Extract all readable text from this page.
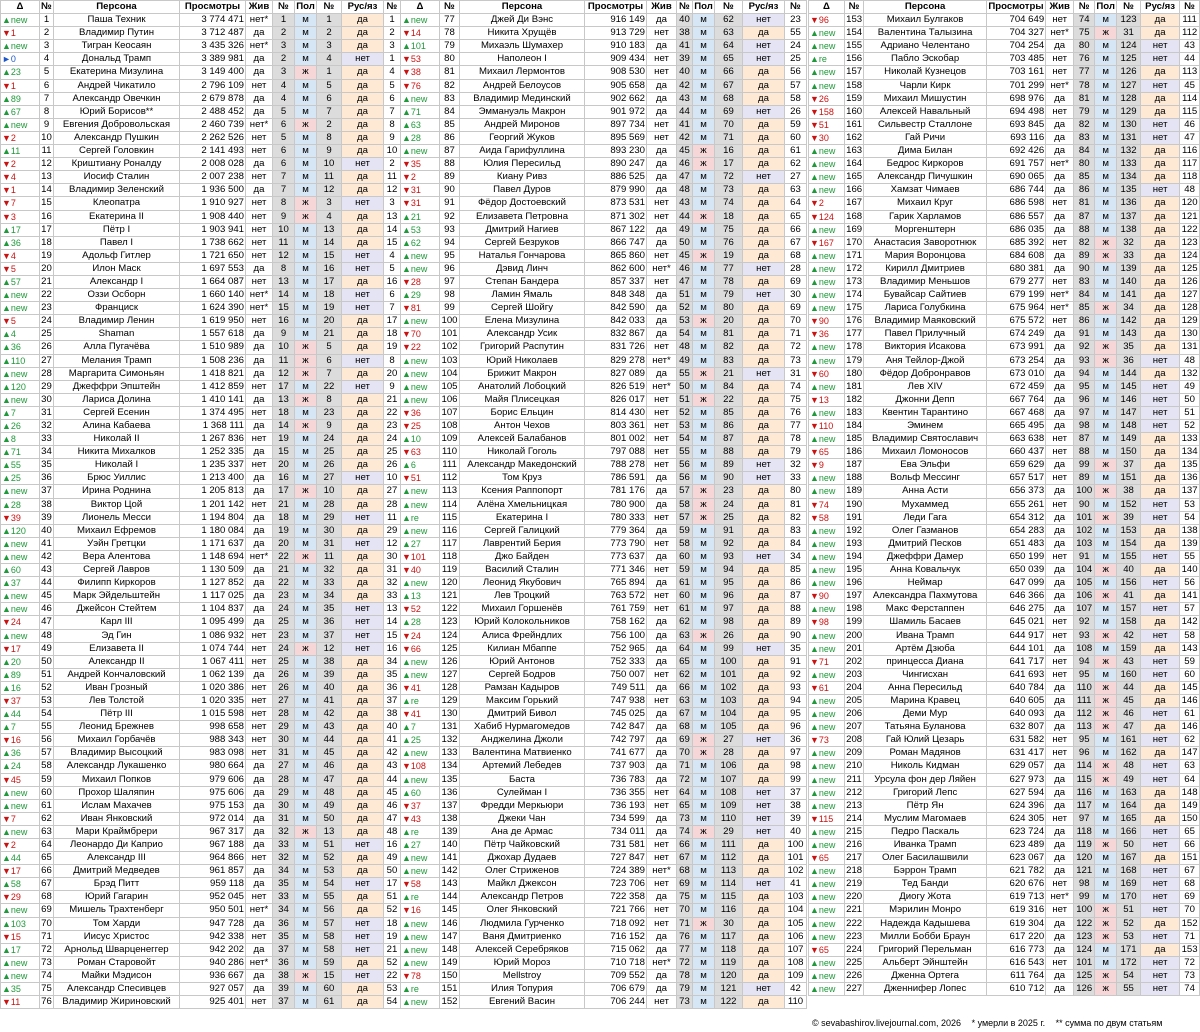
Δ	№	Персона	Просмотры	Жив	№	Пол	№	Рус/яз	№
▲new	1	Паша Техник	3 774 471	нет*	1	м	1	да	1
▼1	2	Владимир Путин	3 712 487	да	2	м	2	да	2
▲new	3	Тигран Кеосаян	3 435 326	нет*	3	м	3	да	3
►0	4	Дональд Трамп	3 389 981	да	2	м	4	нет	1
▲23	5	Екатерина Мизулина	3 149 400	да	3	ж	1	да	4
▼1	6	Андрей Чикатило	2 796 109	нет	4	м	5	да	5
▲89	7	Александр Овечкин	2 679 878	да	4	м	6	да	6
▲67	8	Юрий Борисов**	2 488 452	да	5	м	7	да	7
▲new	9	Евгения Добровольская	2 460 739	нет*	6	ж	2	да	8
▼2	10	Александр Пушкин	2 262 526	нет	5	м	8	да	9
▲11	11	Сергей Головкин	2 141 493	нет	6	м	9	да	10
▼2	12	Криштиану Роналду	2 008 028	да	6	м	10	нет	2
▼4	13	Иосиф Сталин	2 007 238	нет	7	м	11	да	11
▼1	14	Владимир Зеленский	1 936 500	да	7	м	12	да	12
▼7	15	Клеопатра	1 910 927	нет	8	ж	3	нет	3
▼3	16	Екатерина II	1 908 440	нет	9	ж	4	да	13
▲17	17	Пётр I	1 903 941	нет	10	м	13	да	14
▲36	18	Павел I	1 738 662	нет	11	м	14	да	15
▼4	19	Адольф Гитлер	1 721 650	нет	12	м	15	нет	4
▼5	20	Илон Маск	1 697 553	да	8	м	16	нет	5
▲57	21	Александр I	1 664 087	нет	13	м	17	да	16
▲new	22	Оззи Осборн	1 660 140	нет*	14	м	18	нет	6
▲new	23	Франциск	1 624 390	нет*	15	м	19	нет	7
▼5	24	Владимир Ленин	1 619 950	нет	16	м	20	да	17
▲4	25	Shaman	1 557 618	да	9	м	21	да	18
▲36	26	Алла Пугачёва	1 510 989	да	10	ж	5	да	19
▲110	27	Мелания Трамп	1 508 236	да	11	ж	6	нет	8
▲new	28	Маргарита Симоньян	1 418 821	да	12	ж	7	да	20
▲120	29	Джеффри Эпштейн	1 412 859	нет	17	м	22	нет	9
▲new	30	Лариса Долина	1 410 141	да	13	ж	8	да	21
▲7	31	Сергей Есенин	1 374 495	нет	18	м	23	да	22
▲26	32	Алина Кабаева	1 368 111	да	14	ж	9	да	23
▲8	33	Николай II	1 267 836	нет	19	м	24	да	24
▲71	34	Никита Михалков	1 252 335	да	15	м	25	да	25
▲55	35	Николай I	1 235 337	нет	20	м	26	да	26
▲25	36	Брюс Уиллис	1 213 400	да	16	м	27	нет	10
▲new	37	Ирина Роднина	1 205 813	да	17	ж	10	да	27
▲28	38	Виктор Цой	1 201 142	нет	21	м	28	да	28
▼39	39	Лионель Месси	1 194 804	да	18	м	29	нет	11
▲120	40	Михаил Ефремов	1 180 084	да	19	м	30	да	29
▲new	41	Уэйн Гретцки	1 171 637	да	20	м	31	нет	12
▲new	42	Вера Алентова	1 148 694	нет*	22	ж	11	да	30
▲60	43	Сергей Лавров	1 130 509	да	21	м	32	да	31
▲37	44	Филипп Киркоров	1 127 852	да	22	м	33	да	32
▲new	45	Марк Эйдельштейн	1 117 025	да	23	м	34	да	33
▲new	46	Джейсон Стейтем	1 104 837	да	24	м	35	нет	13
▼24	47	Карл III	1 095 499	да	25	м	36	нет	14
▲new	48	Эд Гин	1 086 932	нет	23	м	37	нет	15
▼17	49	Елизавета II	1 074 744	нет	24	ж	12	нет	16
▲20	50	Александр II	1 067 411	нет	25	м	38	да	34
▲89	51	Андрей Кончаловский	1 062 139	да	26	м	39	да	35
▲16	52	Иван Грозный	1 020 386	нет	26	м	40	да	36
▼37	53	Лев Толстой	1 020 335	нет	27	м	41	да	37
▲44	54	Пётр III	1 015 598	нет	28	м	42	да	38
▲7	55	Леонид Брежнев	998 658	нет	29	м	43	да	40
▼16	56	Михаил Горбачёв	988 343	нет	30	м	44	да	41
▲36	57	Владимир Высоцкий	983 098	нет	31	м	45	да	42
▲24	58	Александр Лукашенко	980 664	да	27	м	46	да	43
▼45	59	Михаил Попков	979 606	да	28	м	47	да	44
▲new	60	Прохор Шаляпин	975 606	да	29	м	48	да	45
▲new	61	Ислам Махачев	975 153	да	30	м	49	да	46
▼7	62	Иван Янковский	972 014	да	31	м	50	да	47
▲new	63	Мари Краймбрери	967 317	да	32	ж	13	да	48
▼2	64	Леонардо Ди Каприо	967 188	да	33	м	51	нет	16
▲44	65	Александр III	964 866	нет	32	м	52	да	49
▼17	66	Дмитрий Медведев	961 857	да	34	м	53	да	50
▲58	67	Брэд Питт	959 118	да	35	м	54	нет	17
▼29	68	Юрий Гагарин	952 045	нет	33	м	55	да	51
▲new	69	Мишель Трахтенберг	950 501	нет*	34	м	56	да	52
▲103	70	Том Харди	947 728	да	36	м	57	нет	18
▼15	71	Иисус Христос	942 338	нет	35	м	58	нет	19
▲17	72	Арнольд Шварценеггер	942 202	да	37	м	58	нет	21
▲new	73	Роман Старовойт	940 286	нет*	36	м	59	да	52
▲new	74	Майки Мэдисон	936 667	да	38	ж	15	нет	22
▲35	75	Александр Спесивцев	927 057	да	39	м	60	да	53
▼11	76	Владимир Жириновский	925 401	нет	37	м	61	да	54
Δ	№	Персона	Просмотры	Жив	№	Пол	№	Рус/яз	№
▲new	77	Джей Ди Вэнс	916 149	да	40	м	62	нет	23
▼14	78	Никита Хрущёв	913 729	нет	38	м	63	да	55
▲101	79	Михаэль Шумахер	910 183	да	41	м	64	нет	24
▼53	80	Наполеон I	909 434	нет	39	м	65	нет	25
▼38	81	Михаил Лермонтов	908 530	нет	40	м	66	да	56
▼76	82	Андрей Белоусов	905 658	да	42	м	67	да	57
▲new	83	Владимир Мединский	902 662	да	43	м	68	да	58
▲71	84	Эммануэль Макрон	901 972	да	44	м	69	нет	26
▲63	85	Андрей Миронов	897 734	нет	41	м	70	да	59
▲28	86	Георгий Жуков	895 569	нет	42	м	71	да	60
▲new	87	Аида Гарифуллина	893 230	да	45	ж	16	да	61
▼35	88	Юлия Пересильд	890 247	да	46	ж	17	да	62
▼2	89	Киану Ривз	886 525	да	47	м	72	нет	27
▼31	90	Павел Дуров	879 990	да	48	м	73	да	63
▼31	91	Фёдор Достоевский	873 531	нет	43	м	74	да	64
▲21	92	Елизавета Петровна	871 302	нет	44	ж	18	да	65
▲53	93	Дмитрий Нагиев	867 122	да	49	м	75	да	66
▲62	94	Сергей Безруков	866 747	да	50	м	76	да	67
▲new	95	Наталья Гончарова	865 860	нет	45	ж	19	да	68
▲new	96	Дэвид Линч	862 600	нет*	46	м	77	нет	28
▼28	97	Степан Бандера	857 337	нет	47	м	78	да	69
▲29	98	Ламин Ямаль	848 348	да	51	м	79	нет	30
▼81	99	Сергей Шойгу	842 590	да	52	м	80	да	69
▲new	100	Елена Мизулина	842 033	да	53	ж	20	да	70
▼70	101	Александр Усик	832 867	да	54	м	81	да	71
▼22	102	Григорий Распутин	831 726	нет	48	м	82	да	72
▲new	103	Юрий Николаев	829 278	нет*	49	м	83	да	73
▲new	104	Брижит Макрон	827 089	да	55	ж	21	нет	31
▲new	105	Анатолий Лобоцкий	826 519	нет*	50	м	84	да	74
▲new	106	Майя Плисецкая	826 017	нет	51	ж	22	да	75
▼36	107	Борис Ельцин	814 430	нет	52	м	85	да	76
▼25	108	Антон Чехов	803 361	нет	53	м	86	да	77
▲10	109	Алексей Балабанов	801 002	нет	54	м	87	да	78
▼63	110	Николай Гоголь	797 088	нет	55	м	88	да	79
▲6	111	Александр Македонский	788 278	нет	56	м	89	нет	32
▼51	112	Том Круз	786 591	да	56	м	90	нет	33
▲new	113	Ксения Раппопорт	781 176	да	57	ж	23	да	80
▲new	114	Алёна Хмельницкая	780 900	да	58	ж	24	да	81
▲re	115	Екатерина I	780 333	нет	57	ж	25	да	82
▲new	116	Сергей Галицкий	779 364	да	59	м	91	да	83
▲27	117	Лаврентий Берия	773 790	нет	58	м	92	да	84
▼101	118	Джо Байден	773 637	да	60	м	93	нет	34
▼40	119	Василий Сталин	771 346	нет	59	м	94	да	85
▲new	120	Леонид Якубович	765 894	да	61	м	95	да	86
▲13	121	Лев Троцкий	763 572	нет	60	м	96	да	87
▼52	122	Михаил Горшенёв	761 759	нет	61	м	97	да	88
▲28	123	Юрий Колокольников	758 162	да	62	м	98	да	89
▼24	124	Алиса Фрейндлих	756 100	да	63	ж	26	да	90
▼66	125	Килиан Мбаппе	752 965	да	64	м	99	нет	35
▲new	126	Юрий Антонов	752 333	да	65	м	100	да	91
▲new	127	Сергей Бодров	750 007	нет	62	м	101	да	92
▼41	128	Рамзан Кадыров	749 511	да	66	м	102	да	93
▲re	129	Максим Горький	747 938	нет	63	м	103	да	94
▼41	130	Дмитрий Бивол	745 025	да	67	м	104	да	95
▲7	131	Хабиб Нурмагомедов	742 847	да	68	м	105	да	96
▲25	132	Анджелина Джоли	742 797	да	69	ж	27	нет	36
▲new	133	Валентина Матвиенко	741 677	да	70	ж	28	да	97
▼108	134	Артемий Лебедев	737 903	да	71	м	106	да	98
▲new	135	Баста	736 783	да	72	м	107	да	99
▲60	136	Сулейман I	736 355	нет	64	м	108	нет	37
▼37	137	Фредди Меркьюри	736 193	нет	65	м	109	нет	38
▼43	138	Джеки Чан	734 599	да	73	м	110	нет	39
▲re	139	Ана де Армас	734 011	да	74	ж	29	нет	40
▲27	140	Пётр Чайковский	731 581	нет	66	м	111	да	100
▲new	141	Джохар Дудаев	727 847	нет	67	м	112	да	101
▲new	142	Олег Стриженов	724 389	нет*	68	м	113	да	102
▼58	143	Майкл Джексон	723 706	нет	69	м	114	нет	41
▲re	144	Александр Петров	722 358	да	75	м	115	да	103
▼16	145	Олег Янковский	721 766	нет	70	м	116	да	104
▲new	146	Людмила Гурченко	718 092	нет	71	ж	30	да	105
▲new	147	Ваня Дмитриенко	716 152	да	76	м	117	да	106
▲new	148	Алексей Серебряков	715 062	да	77	м	118	да	107
▲new	149	Юрий Мороз	710 718	нет*	72	м	119	да	108
▼78	150	Mellstroy	709 552	да	78	м	120	да	109
▲re	151	Илия Топурия	706 679	да	79	м	121	нет	42
▲new	152	Евгений Васин	706 244	нет	73	м	122	да	110
Δ	№	Персона	Просмотры	Жив	№	Пол	№	Рус/яз	№
▼96	153	Михаил Булгаков	704 649	нет	74	м	123	да	111
▲new	154	Валентина Талызина	704 327	нет*	75	ж	31	да	112
▲new	155	Адриано Челентано	704 254	да	80	м	124	нет	43
▲re	156	Пабло Эскобар	703 485	нет	76	м	125	нет	44
▲new	157	Николай Кузнецов	703 161	нет	77	м	126	да	113
▲new	158	Чарли Кирк	701 299	нет*	78	м	127	нет	45
▼26	159	Михаил Мишустин	698 976	да	81	м	128	да	114
▼158	160	Алексей Навальный	694 498	нет	79	м	129	да	115
▼51	161	Сильвестр Сталлоне	693 845	да	82	м	130	нет	46
▼30	162	Гай Ричи	693 116	да	83	м	131	нет	47
▲new	163	Дима Билан	692 426	да	84	м	132	да	116
▲new	164	Бедрос Киркоров	691 757	нет*	80	м	133	да	117
▲new	165	Александр Пичушкин	690 065	да	85	м	134	да	118
▲new	166	Хамзат Чимаев	686 744	да	86	м	135	нет	48
▼2	167	Михаил Круг	686 598	нет	81	м	136	да	120
▼124	168	Гарик Харламов	686 557	да	87	м	137	да	121
▲new	169	Моргенштерн	686 035	да	88	м	138	да	122
▼167	170	Анастасия Заворотнюк	685 392	нет	82	ж	32	да	123
▲new	171	Мария Воронцова	684 608	да	89	ж	33	да	124
▲new	172	Кирилл Дмитриев	680 381	да	90	м	139	да	125
▲new	173	Владимир Меньшов	679 277	нет	83	м	140	да	126
▲new	174	Бувайсар Сайтиев	679 199	нет*	84	м	141	да	127
▲new	175	Лариса Голубкина	675 964	нет*	85	ж	34	да	128
▼90	176	Владимир Маяковский	675 572	нет	86	м	142	да	129
▼36	177	Павел Прилучный	674 249	да	91	м	143	да	130
▲new	178	Виктория Исакова	673 991	да	92	ж	35	да	131
▲new	179	Аня Тейлор-Джой	673 254	да	93	ж	36	нет	48
▼60	180	Фёдор Добронравов	673 010	да	94	м	144	да	132
▲new	181	Лев XIV	672 459	да	95	м	145	нет	49
▼13	182	Джонни Депп	667 764	да	96	м	146	нет	50
▲new	183	Квентин Тарантино	667 468	да	97	м	147	нет	51
▼110	184	Эминем	665 495	да	98	м	148	нет	52
▲new	185	Владимир Святославич	663 638	нет	87	м	149	да	133
▼65	186	Михаил Ломоносов	660 437	нет	88	м	150	да	134
▼9	187	Ева Эльфи	659 629	да	99	ж	37	да	135
▲new	188	Вольф Мессинг	657 517	нет	89	м	151	да	136
▲new	189	Анна Асти	656 373	да	100	ж	38	да	137
▼74	190	Мухаммед	655 261	нет	90	м	152	нет	53
▼58	191	Леди Гага	654 312	да	101	ж	39	нет	54
▲new	192	Олег Газманов	654 283	да	102	м	153	да	138
▲new	193	Дмитрий Песков	651 483	да	103	м	154	да	139
▲new	194	Джеффри Дамер	650 199	нет	91	м	155	нет	55
▲new	195	Анна Ковальчук	650 039	да	104	ж	40	да	140
▲new	196	Неймар	647 099	да	105	м	156	нет	56
▼90	197	Александра Пахмутова	646 366	да	106	ж	41	да	141
▲new	198	Макс Ферстаппен	646 275	да	107	м	157	нет	57
▼98	199	Шамиль Басаев	645 021	нет	92	м	158	да	142
▲new	200	Ивана Трамп	644 917	нет	93	ж	42	нет	58
▲new	201	Артём Дзюба	644 101	да	108	м	159	да	143
▼71	202	принцесса Диана	641 717	нет	94	ж	43	нет	59
▲new	203	Чингисхан	641 693	нет	95	м	160	нет	60
▼61	204	Анна Пересильд	640 784	да	110	ж	44	да	145
▲new	205	Марина Кравец	640 605	да	111	ж	45	да	146
▲new	206	Деми Мур	640 093	да	112	ж	46	нет	61
▲new	207	Татьяна Буланова	632 807	да	113	ж	47	да	146
▼73	208	Гай Юлий Цезарь	631 582	нет	95	м	161	нет	62
▲new	209	Роман Мадянов	631 417	нет	96	м	162	да	147
▲new	210	Николь Кидман	629 057	да	114	ж	48	нет	63
▲new	211	Урсула фон дер Ляйен	627 973	да	115	ж	49	нет	64
▲new	212	Григорий Лепс	627 594	да	116	м	163	да	148
▲new	213	Пётр Ян	624 396	да	117	м	164	да	149
▼115	214	Муслим Магомаев	624 305	нет	97	м	165	да	150
▲new	215	Педро Паскаль	623 724	да	118	м	166	нет	65
▲new	216	Иванка Трамп	623 489	да	119	ж	50	нет	66
▼65	217	Олег Басилашвили	623 067	да	120	м	167	да	151
▲new	218	Бэррон Трамп	621 782	да	121	м	168	нет	67
▲new	219	Тед Банди	620 676	нет	98	м	169	нет	68
▲new	220	Диогу Жота	619 713	нет*	99	м	170	нет	69
▲new	221	Мэрилин Монро	619 316	нет	100	ж	51	нет	70
▲new	222	Надежда Кадышева	619 304	да	122	ж	52	да	152
▲new	223	Милли Бобби Браун	617 220	да	123	ж	53	нет	71
▼65	224	Григорий Перельман	616 773	да	124	м	171	да	153
▲new	225	Альберт Эйнштейн	616 543	нет	101	м	172	нет	72
▲new	226	Дженна Ортега	611 764	да	125	ж	54	нет	73
▲new	227	Дженнифер Лопес	610 712	да	126	ж	55	нет	74
© sevabashirov.livejournal.com, 2026 * умерли в 2025 г. ** сумма по двум статьям
